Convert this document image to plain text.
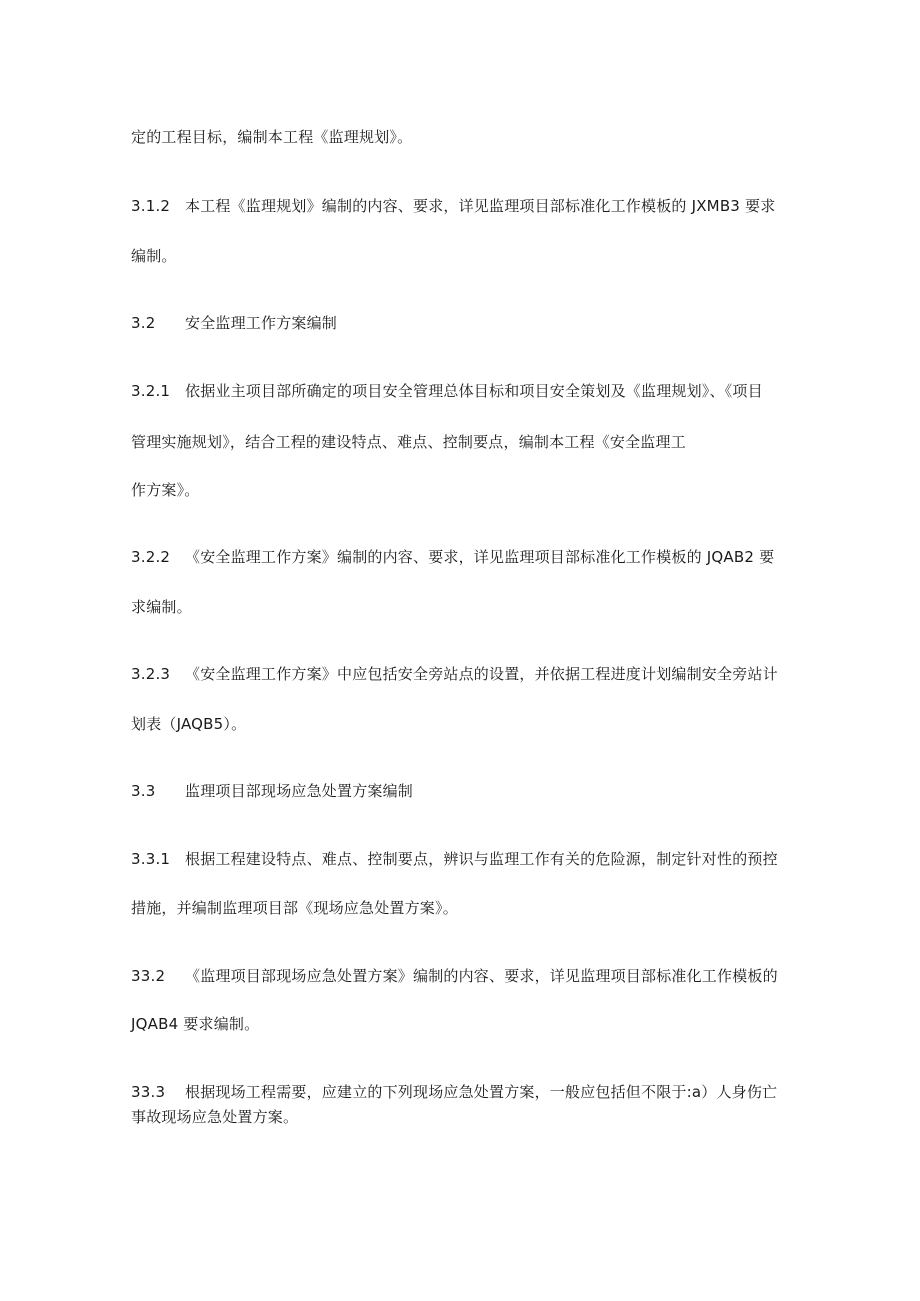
定的工程目标，编制本工程《监理规划》。
3.1.2 本工程《监理规划》编制的内容、要求，详见监理项目部标准化工作模板的 JXMB3 要求
编制。
3.2 安全监理工作方案编制
3.2.1 依据业主项目部所确定的项目安全管理总体目标和项目安全策划及《监理规划》、《项目
管理实施规划》，结合工程的建设特点、难点、控制要点，编制本工程《安全监理工
作方案》。
3.2.2 《安全监理工作方案》编制的内容、要求，详见监理项目部标准化工作模板的 JQAB2 要
求编制。
3.2.3 《安全监理工作方案》中应包括安全旁站点的设置，并依据工程进度计划编制安全旁站计
划表（JAQB5）。
3.3 监理项目部现场应急处置方案编制
3.3.1 根据工程建设特点、难点、控制要点，辨识与监理工作有关的危险源，制定针对性的预控
措施，并编制监理项目部《现场应急处置方案》。
33.2 《监理项目部现场应急处置方案》编制的内容、要求，详见监理项目部标准化工作模板的
JQAB4 要求编制。
33.3 根据现场工程需要，应建立的下列现场应急处置方案，一般应包括但不限于:a）人身伤亡
事故现场应急处置方案。
